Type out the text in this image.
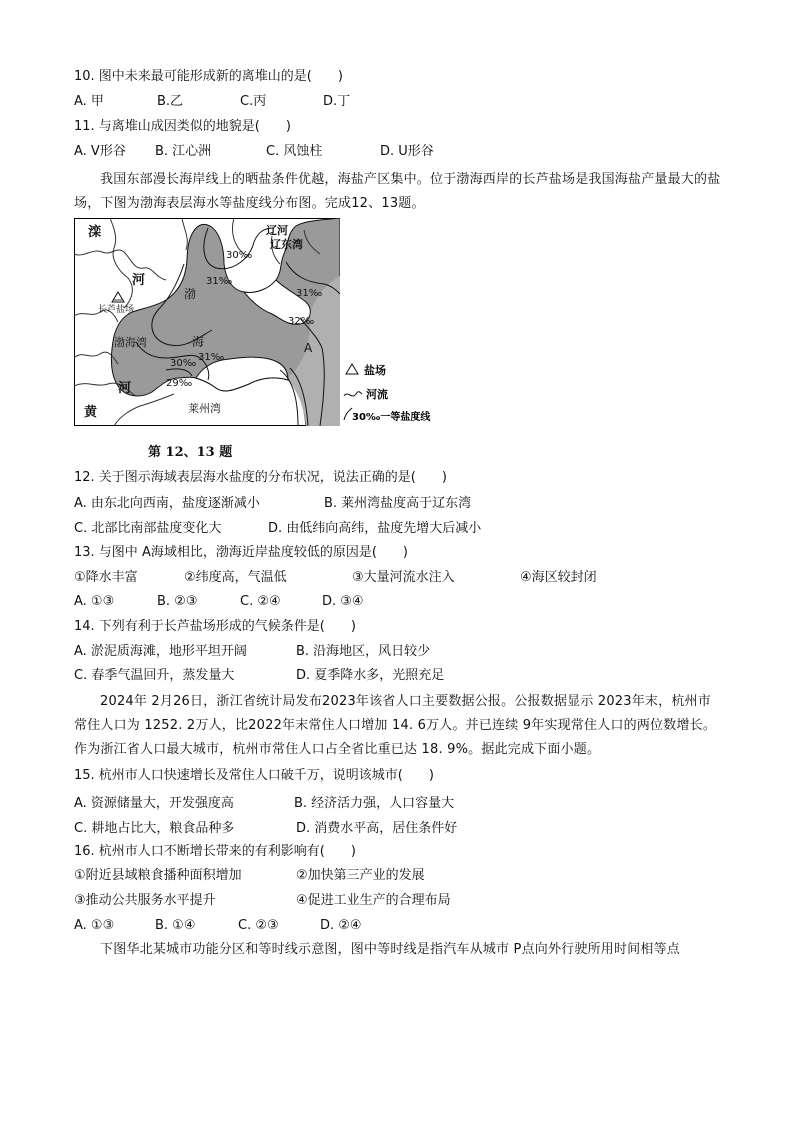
10. 图中未来最可能形成新的离堆山的是(　　)
A. 甲	B.乙	C.丙	D.丁
11. 与离堆山成因类似的地貌是(　　)
A. V形谷 B. 江心洲	C. 风蚀柱	D. U形谷
我国东部漫长海岸线上的晒盐条件优越，海盐产区集中。位于渤海西岸的长芦盐场是我国海盐产量最大的盐场，下图为渤海表层海水等盐度线分布图。完成12、13题。
滦
河
长芦盐场
渤
海
渤海湾
辽河
辽东湾
莱州湾
黄
河
A
30‰
31‰
31‰
32‰
30‰
31‰
29‰
盐场
河流
30‰一等盐度线
第 12、13 题
12. 关于图示海域表层海水盐度的分布状况，说法正确的是(　　)
A. 由东北向西南，盐度逐渐减小	B. 莱州湾盐度高于辽东湾
C. 北部比南部盐度变化大	D. 由低纬向高纬，盐度先增大后减小
13. 与图中 A海域相比，渤海近岸盐度较低的原因是(　　)
①降水丰富	②纬度高，气温低	③大量河流水注入	④海区较封闭
A. ①③	B. ②③	C. ②④	D. ③④
14. 下列有利于长芦盐场形成的气候条件是(　　)
A. 淤泥质海滩，地形平坦开阔	B. 沿海地区，风日较少
C. 春季气温回升，蒸发量大	D. 夏季降水多，光照充足
2024年 2月26日，浙江省统计局发布2023年该省人口主要数据公报。公报数据显示 2023年末，杭州市常住人口为 1252. 2万人，比2022年末常住人口增加 14. 6万人。并已连续 9年实现常住人口的两位数增长。作为浙江省人口最大城市，杭州市常住人口占全省比重已达 18. 9%。据此完成下面小题。
15. 杭州市人口快速增长及常住人口破千万，说明该城市(　　)
A. 资源储量大，开发强度高	B. 经济活力强，人口容量大
C. 耕地占比大，粮食品种多	D. 消费水平高，居住条件好
16. 杭州市人口不断增长带来的有利影响有(　　)
①附近县域粮食播种面积增加	②加快第三产业的发展
③推动公共服务水平提升	④促进工业生产的合理布局
A. ①③	B. ①④	C. ②③	D. ②④
下图华北某城市功能分区和等时线示意图，图中等时线是指汽车从城市 P点向外行驶所用时间相等点
